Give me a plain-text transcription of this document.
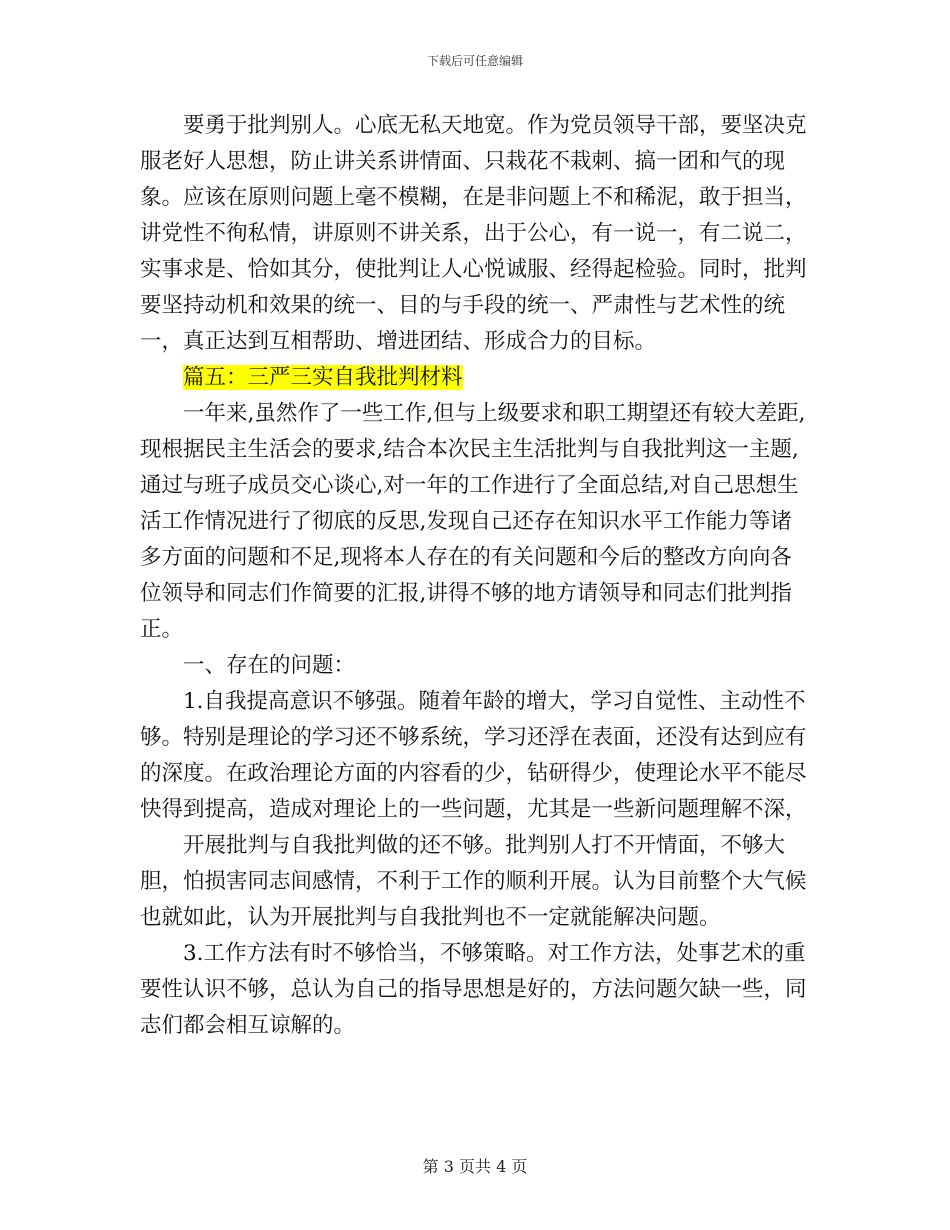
下载后可任意编辑

要勇于批判别人。心底无私天地宽。作为党员领导干部，要坚决克服老好人思想，防止讲关系讲情面、只栽花不栽刺、搞一团和气的现象。应该在原则问题上毫不模糊，在是非问题上不和稀泥，敢于担当，讲党性不徇私情，讲原则不讲关系，出于公心，有一说一，有二说二，实事求是、恰如其分，使批判让人心悦诚服、经得起检验。同时，批判要坚持动机和效果的统一、目的与手段的统一、严肃性与艺术性的统一，真正达到互相帮助、增进团结、形成合力的目标。

篇五：三严三实自我批判材料

一年来,虽然作了一些工作,但与上级要求和职工期望还有较大差距,现根据民主生活会的要求,结合本次民主生活批判与自我批判这一主题,通过与班子成员交心谈心,对一年的工作进行了全面总结,对自己思想生活工作情况进行了彻底的反思,发现自己还存在知识水平工作能力等诸多方面的问题和不足,现将本人存在的有关问题和今后的整改方向向各位领导和同志们作简要的汇报,讲得不够的地方请领导和同志们批判指正。

一、存在的问题：

1.自我提高意识不够强。随着年龄的增大，学习自觉性、主动性不够。特别是理论的学习还不够系统，学习还浮在表面，还没有达到应有的深度。在政治理论方面的内容看的少，钻研得少，使理论水平不能尽快得到提高，造成对理论上的一些问题，尤其是一些新问题理解不深，

开展批判与自我批判做的还不够。批判别人打不开情面，不够大胆，怕损害同志间感情，不利于工作的顺利开展。认为目前整个大气候也就如此，认为开展批判与自我批判也不一定就能解决问题。

3.工作方法有时不够恰当，不够策略。对工作方法，处事艺术的重要性认识不够，总认为自己的指导思想是好的，方法问题欠缺一些，同志们都会相互谅解的。

第 3 页共 4 页
